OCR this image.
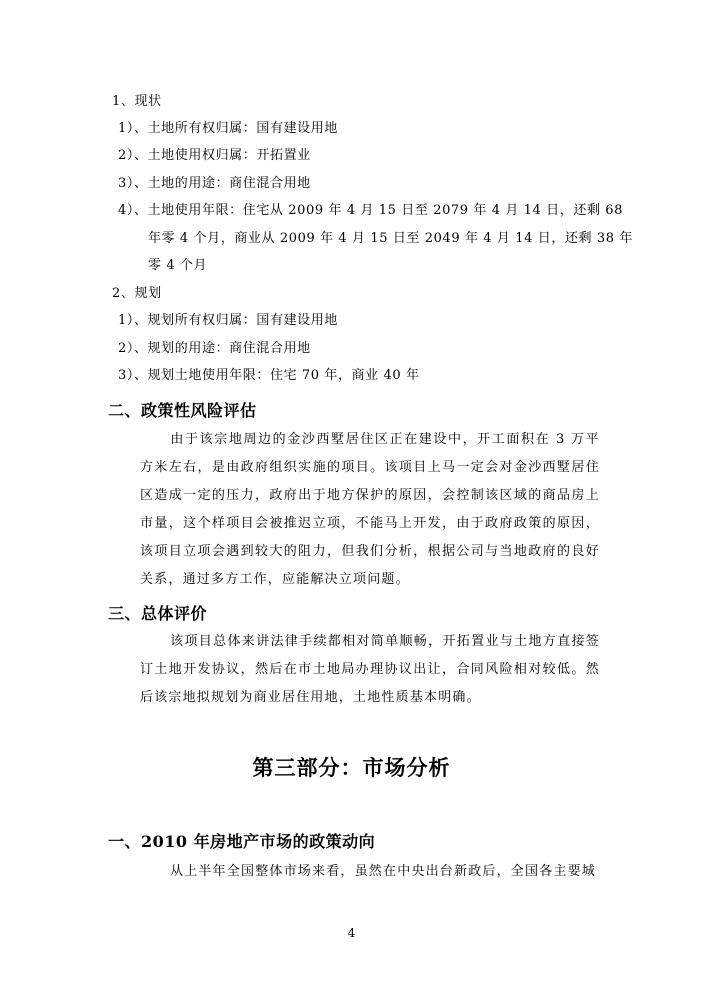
1、现状
1）、土地所有权归属：国有建设用地
2）、土地使用权归属：开拓置业
3）、土地的用途：商住混合用地
4）、土地使用年限：住宅从 2009 年 4 月 15 日至 2079 年 4 月 14 日，还剩 68
年零 4 个月，商业从 2009 年 4 月 15 日至 2049 年 4 月 14 日，还剩 38 年
零 4 个月
2、规划
1）、规划所有权归属：国有建设用地
2）、规划的用途：商住混合用地
3）、规划土地使用年限：住宅 70 年，商业 40 年
二、政策性风险评估
由于该宗地周边的金沙西墅居住区正在建设中，开工面积在 3 万平方米左右，是由政府组织实施的项目。该项目上马一定会对金沙西墅居住区造成一定的压力，政府出于地方保护的原因，会控制该区域的商品房上市量，这个样项目会被推迟立项，不能马上开发，由于政府政策的原因，该项目立项会遇到较大的阻力，但我们分析，根据公司与当地政府的良好关系，通过多方工作，应能解决立项问题。
三、总体评价
该项目总体来讲法律手续都相对简单顺畅，开拓置业与土地方直接签订土地开发协议，然后在市土地局办理协议出让，合同风险相对较低。然后该宗地拟规划为商业居住用地，土地性质基本明确。
第三部分：市场分析
一、2010 年房地产市场的政策动向
从上半年全国整体市场来看，虽然在中央出台新政后，全国各主要城
4
